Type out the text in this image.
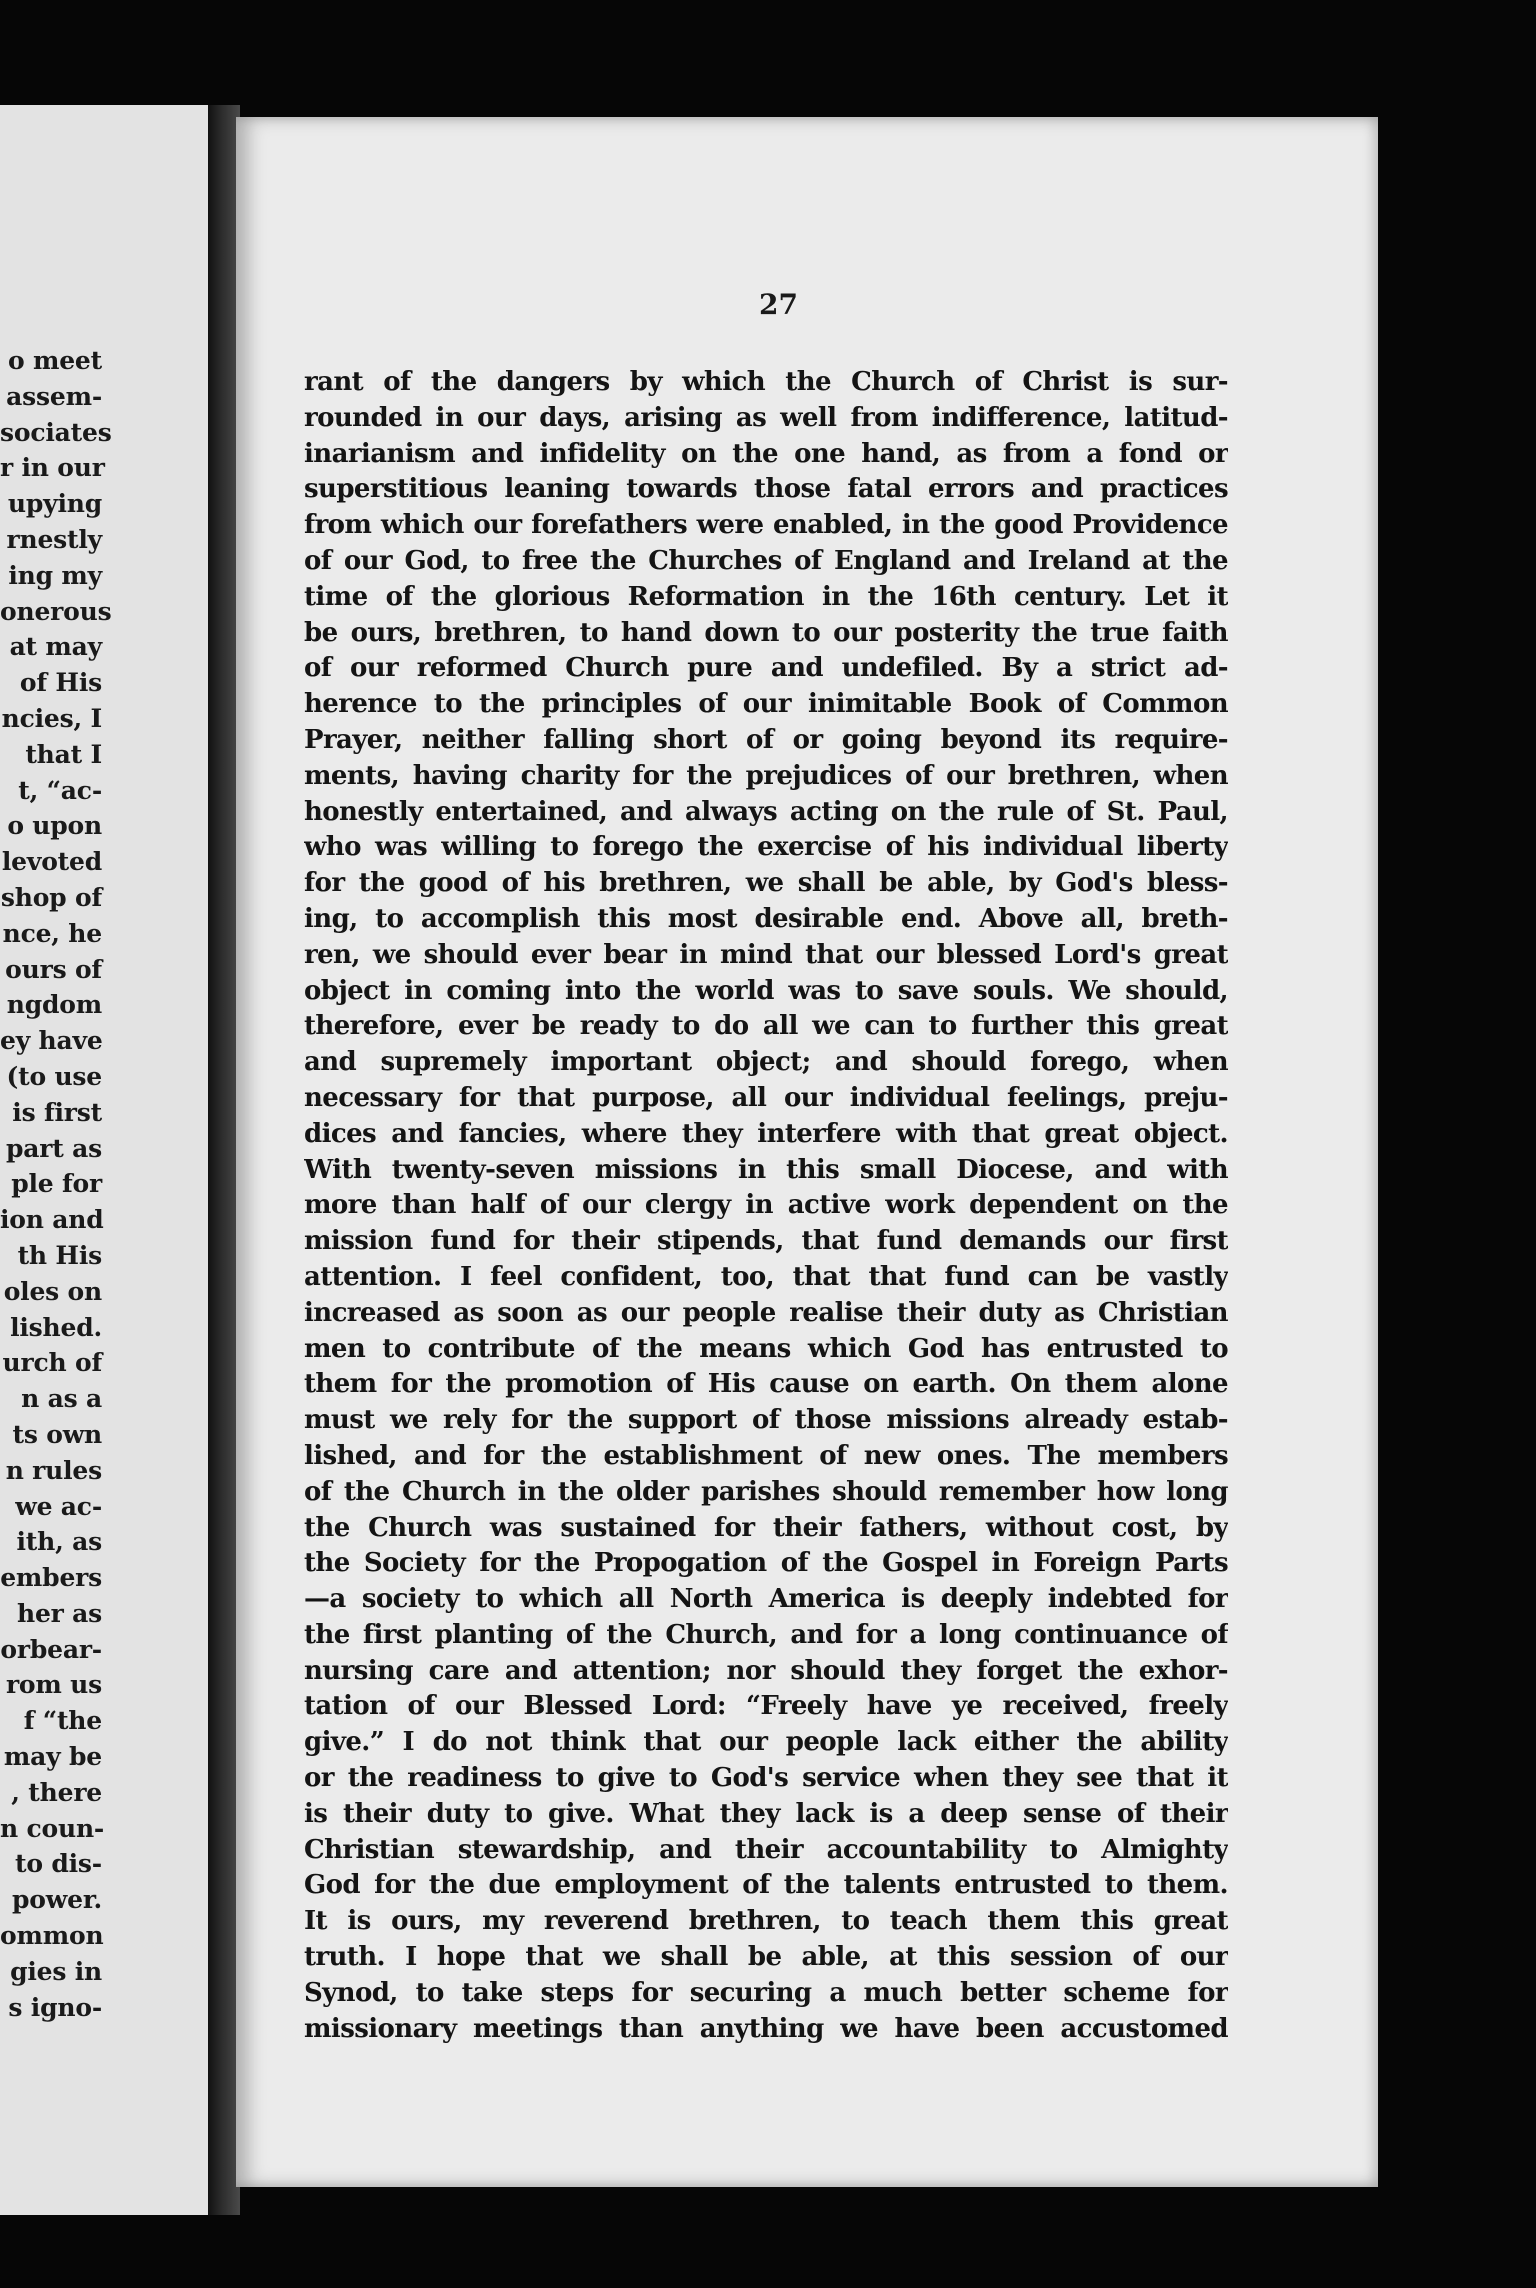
o meet
assem-
sociates
r in our
upying
rnestly
ing my
onerous
at may
of His
ncies, I
that I
t, “ac-
o upon
levoted
shop of
nce, he
ours of
ngdom
ey have
(to use
is first
part as
ple for
ion and
th His
oles on
lished.
urch of
n as a
ts own
n rules
we ac-
ith, as
embers
her as
orbear-
rom us
f “the
may be
, there
n coun-
to dis-
power.
ommon
gies in
s igno-
27
rant of the dangers by which the Church of Christ is sur-
rounded in our days, arising as well from indifference, latitud-
inarianism and infidelity on the one hand, as from a fond or
superstitious leaning towards those fatal errors and practices
from which our forefathers were enabled, in the good Providence
of our God, to free the Churches of England and Ireland at the
time of the glorious Reformation in the 16th century. Let it
be ours, brethren, to hand down to our posterity the true faith
of our reformed Church pure and undefiled. By a strict ad-
herence to the principles of our inimitable Book of Common
Prayer, neither falling short of or going beyond its require-
ments, having charity for the prejudices of our brethren, when
honestly entertained, and always acting on the rule of St. Paul,
who was willing to forego the exercise of his individual liberty
for the good of his brethren, we shall be able, by God's bless-
ing, to accomplish this most desirable end. Above all, breth-
ren, we should ever bear in mind that our blessed Lord's great
object in coming into the world was to save souls. We should,
therefore, ever be ready to do all we can to further this great
and supremely important object; and should forego, when
necessary for that purpose, all our individual feelings, preju-
dices and fancies, where they interfere with that great object.
With twenty-seven missions in this small Diocese, and with
more than half of our clergy in active work dependent on the
mission fund for their stipends, that fund demands our first
attention. I feel confident, too, that that fund can be vastly
increased as soon as our people realise their duty as Christian
men to contribute of the means which God has entrusted to
them for the promotion of His cause on earth. On them alone
must we rely for the support of those missions already estab-
lished, and for the establishment of new ones. The members
of the Church in the older parishes should remember how long
the Church was sustained for their fathers, without cost, by
the Society for the Propogation of the Gospel in Foreign Parts
—a society to which all North America is deeply indebted for
the first planting of the Church, and for a long continuance of
nursing care and attention; nor should they forget the exhor-
tation of our Blessed Lord: “Freely have ye received, freely
give.” I do not think that our people lack either the ability
or the readiness to give to God's service when they see that it
is their duty to give. What they lack is a deep sense of their
Christian stewardship, and their accountability to Almighty
God for the due employment of the talents entrusted to them.
It is ours, my reverend brethren, to teach them this great
truth. I hope that we shall be able, at this session of our
Synod, to take steps for securing a much better scheme for
missionary meetings than anything we have been accustomed
